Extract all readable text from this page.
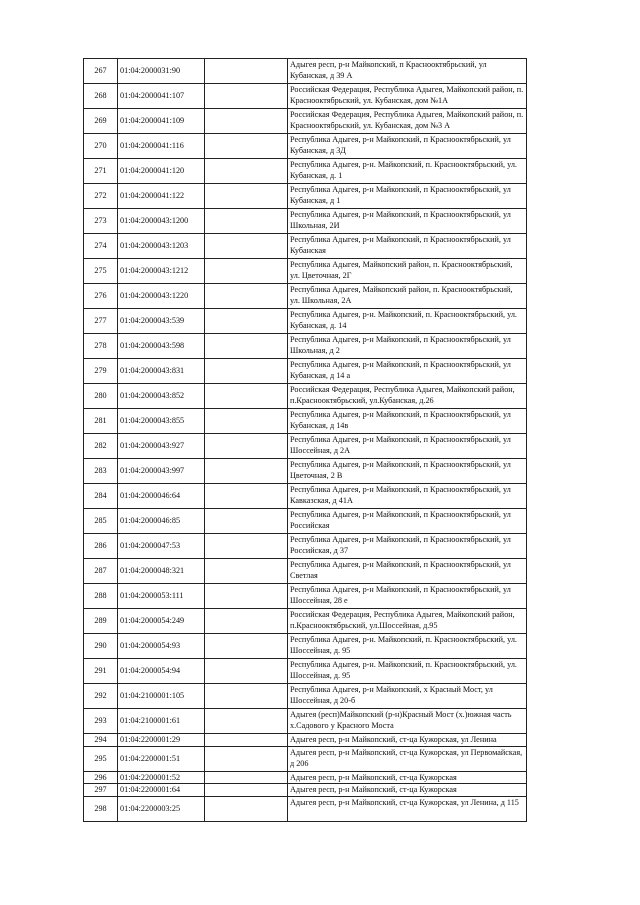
267	01:04:2000031:90		Адыгея респ, р-н Майкопский, п Краснооктябрьский, ул Кубанская, д 39 А
268	01:04:2000041:107		Российская Федерация, Республика Адыгея, Майкопский район, п. Краснооктябрьский, ул. Кубанская, дом №1А
269	01:04:2000041:109		Российская Федерация, Республика Адыгея, Майкопский район, п. Краснооктябрьский, ул. Кубанская, дом №3 А
270	01:04:2000041:116		Республика Адыгея, р-н Майкопский, п Краснооктябрьский, ул Кубанская, д 3Д
271	01:04:2000041:120		Республика Адыгея, р-н. Майкопский, п. Краснооктябрьский, ул. Кубанская, д. 1
272	01:04:2000041:122		Республика Адыгея, р-н Майкопский, п Краснооктябрьский, ул Кубанская, д 1
273	01:04:2000043:1200		Республика Адыгея, р-н Майкопский, п Краснооктябрьский, ул Школьная, 2И
274	01:04:2000043:1203		Республика Адыгея, р-н Майкопский, п Краснооктябрьский, ул Кубанская
275	01:04:2000043:1212		Республика Адыгея, Майкопский район, п. Краснооктябрьский, ул. Цветочная, 2Г
276	01:04:2000043:1220		Республика Адыгея, Майкопский район, п. Краснооктябрьский, ул. Школьная, 2А
277	01:04:2000043:539		Республика Адыгея, р-н. Майкопский, п. Краснооктябрьский, ул. Кубанская, д. 14
278	01:04:2000043:598		Республика Адыгея, р-н Майкопский, п Краснооктябрьский, ул Школьная, д 2
279	01:04:2000043:831		Республика Адыгея, р-н Майкопский, п Краснооктябрьский, ул Кубанская, д 14 а
280	01:04:2000043:852		Российская Федерация, Республика Адыгея, Майкопский район, п.Краснооктябрьский, ул.Кубанская, д.26
281	01:04:2000043:855		Республика Адыгея, р-н Майкопский, п Краснооктябрьский, ул Кубанская, д 14в
282	01:04:2000043:927		Республика Адыгея, р-н Майкопский, п Краснооктябрьский, ул Шоссейная, д 2А
283	01:04:2000043:997		Республика Адыгея, р-н Майкопский, п Краснооктябрьский, ул Цветочная, 2 В
284	01:04:2000046:64		Республика Адыгея, р-н Майкопский, п Краснооктябрьский, ул Кавказская, д 41А
285	01:04:2000046:85		Республика Адыгея, р-н Майкопский, п Краснооктябрьский, ул Российская
286	01:04:2000047:53		Республика Адыгея, р-н Майкопский, п Краснооктябрьский, ул Российская, д 37
287	01:04:2000048:321		Республика Адыгея, р-н Майкопский, п Краснооктябрьский, ул Светлая
288	01:04:2000053:111		Республика Адыгея, р-н Майкопский, п Краснооктябрьский, ул Шоссейная, 28 е
289	01:04:2000054:249		Российская Федерация, Республика Адыгея, Майкопский район, п.Краснооктябрьский, ул.Шоссейная, д.95
290	01:04:2000054:93		Республика Адыгея, р-н. Майкопский, п. Краснооктябрьский, ул. Шоссейная, д. 95
291	01:04:2000054:94		Республика Адыгея, р-н. Майкопский, п. Краснооктябрьский, ул. Шоссейная, д. 95
292	01:04:2100001:105		Республика Адыгея, р-н Майкопский, х Красный Мост, ул Шоссейная, д 20-б
293	01:04:2100001:61		Адыгея (респ)Майкопский (р-н)Красный Мост (х.)южная часть х.Садового у Красного Моста
294	01:04:2200001:29		Адыгея респ, р-н Майкопский, ст-ца Кужорская, ул Ленина
295	01:04:2200001:51		Адыгея респ, р-н Майкопский, ст-ца Кужорская, ул Первомайская, д 206
296	01:04:2200001:52		Адыгея респ, р-н Майкопский, ст-ца Кужорская
297	01:04:2200001:64		Адыгея респ, р-н Майкопский, ст-ца Кужорская
298	01:04:2200003:25		Адыгея респ, р-н Майкопский, ст-ца Кужорская, ул Ленина, д 115
